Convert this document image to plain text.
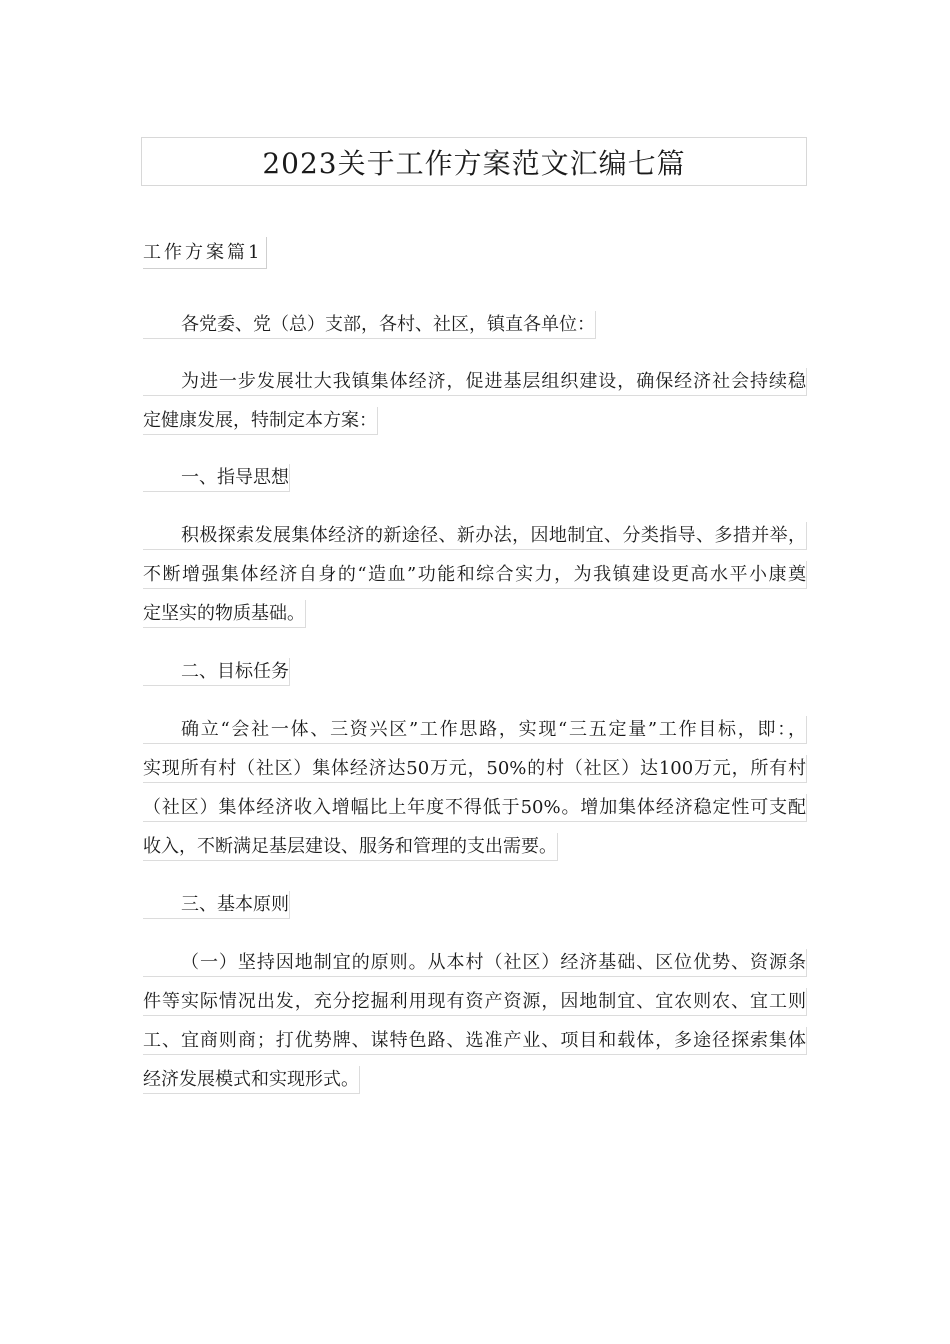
2023关于工作方案范文汇编七篇
工作方案篇1
各党委、党（总）支部，各村、社区，镇直各单位：
为进一步发展壮大我镇集体经济，促进基层组织建设，确保经济社会持续稳
定健康发展，特制定本方案：
一、指导思想
积极探索发展集体经济的新途径、新办法，因地制宜、分类指导、多措并举，
不断增强集体经济自身的“造血”功能和综合实力，为我镇建设更高水平小康奠
定坚实的物质基础。
二、目标任务
确立“会社一体、三资兴区”工作思路，实现“三五定量”工作目标，即：，
实现所有村（社区）集体经济达50万元，50%的村（社区）达100万元，所有村
（社区）集体经济收入增幅比上年度不得低于50%。增加集体经济稳定性可支配
收入，不断满足基层建设、服务和管理的支出需要。
三、基本原则
（一）坚持因地制宜的原则。从本村（社区）经济基础、区位优势、资源条
件等实际情况出发，充分挖掘利用现有资产资源，因地制宜、宜农则农、宜工则
工、宜商则商；打优势牌、谋特色路、选准产业、项目和载体，多途径探索集体
经济发展模式和实现形式。
